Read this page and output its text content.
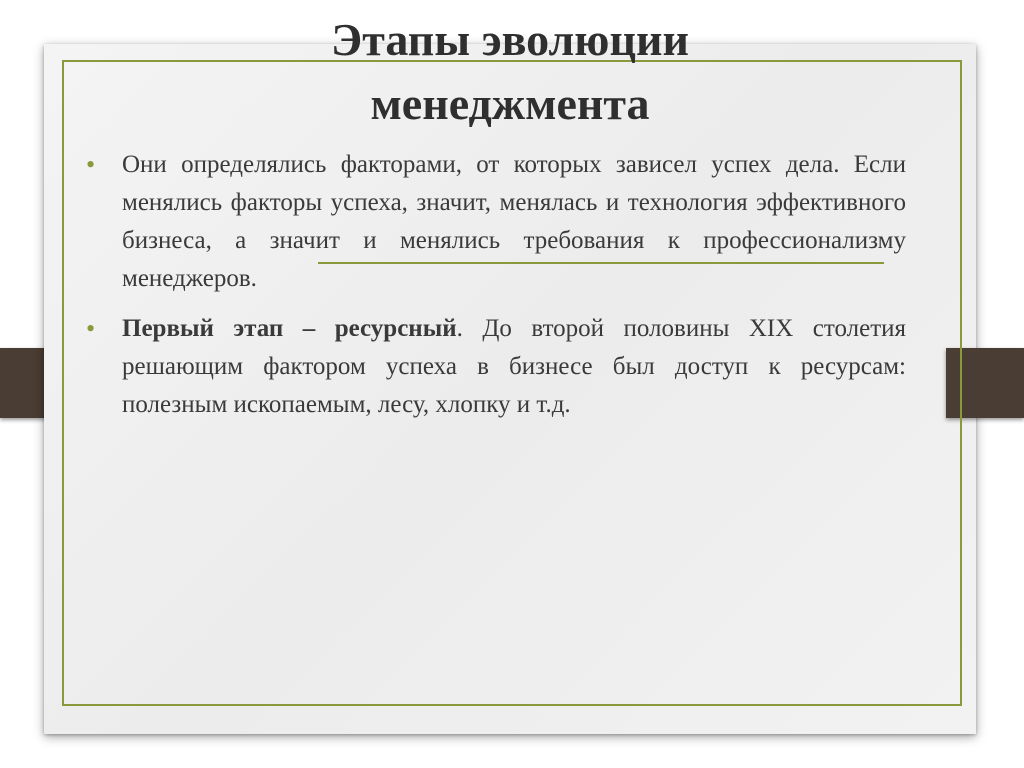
Этапы эволюции
менеджмента
• Они определялись факторами, от которых зависел успех дела. Если менялись факторы успеха, значит, менялась и технология эффективного бизнеса, а значит и менялись требования к профессионализму менеджеров.
• Первый этап – ресурсный. До второй половины XIX столетия решающим фактором успеха в бизнесе был доступ к ресурсам: полезным ископаемым, лесу, хлопку и т.д.
